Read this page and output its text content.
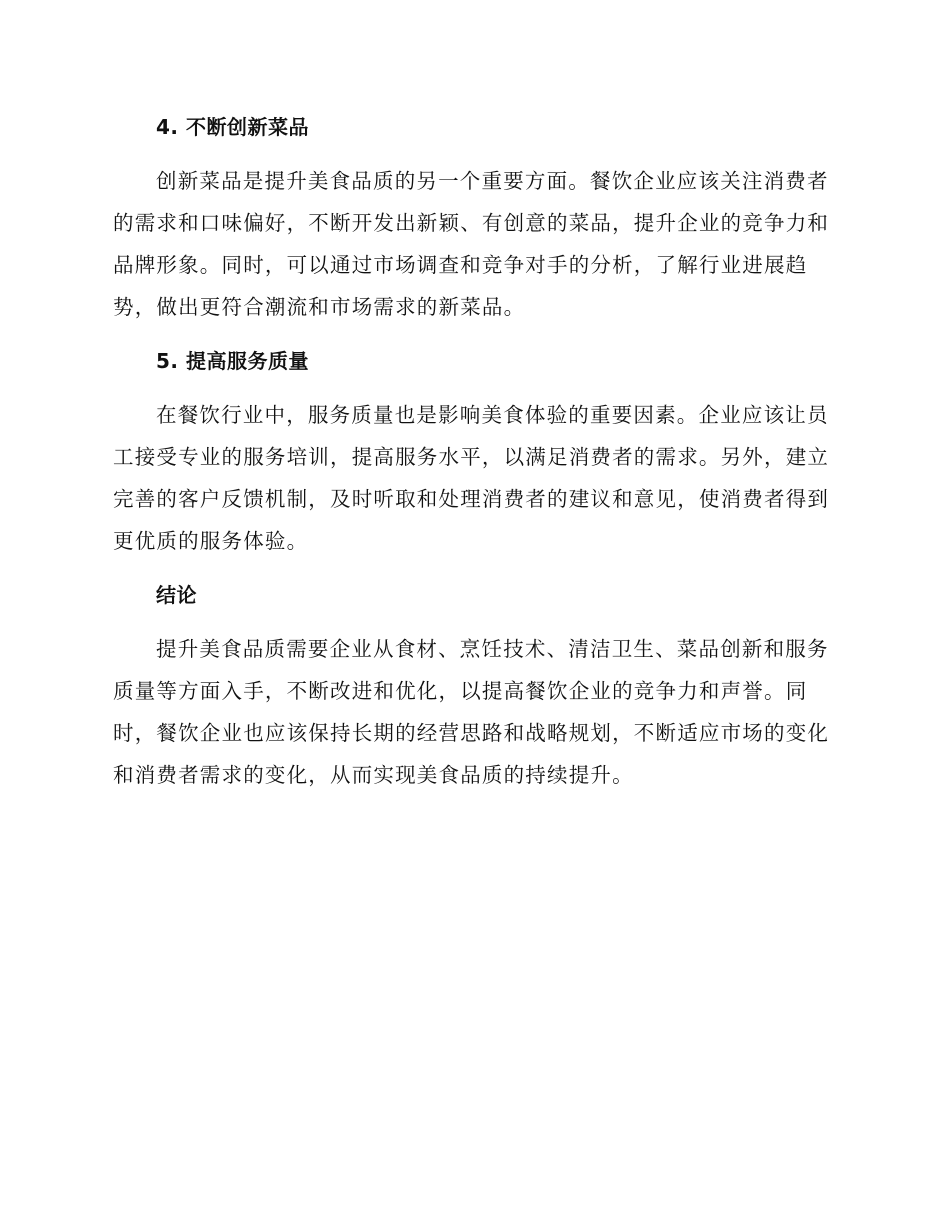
4. 不断创新菜品

创新菜品是提升美食品质的另一个重要方面。餐饮企业应该关注消费者
的需求和口味偏好，不断开发出新颖、有创意的菜品，提升企业的竞争力和
品牌形象。同时，可以通过市场调查和竞争对手的分析，了解行业进展趋
势，做出更符合潮流和市场需求的新菜品。

5. 提高服务质量

在餐饮行业中，服务质量也是影响美食体验的重要因素。企业应该让员
工接受专业的服务培训，提高服务水平，以满足消费者的需求。另外，建立
完善的客户反馈机制，及时听取和处理消费者的建议和意见，使消费者得到
更优质的服务体验。

结论

提升美食品质需要企业从食材、烹饪技术、清洁卫生、菜品创新和服务
质量等方面入手，不断改进和优化，以提高餐饮企业的竞争力和声誉。同
时，餐饮企业也应该保持长期的经营思路和战略规划，不断适应市场的变化
和消费者需求的变化，从而实现美食品质的持续提升。
